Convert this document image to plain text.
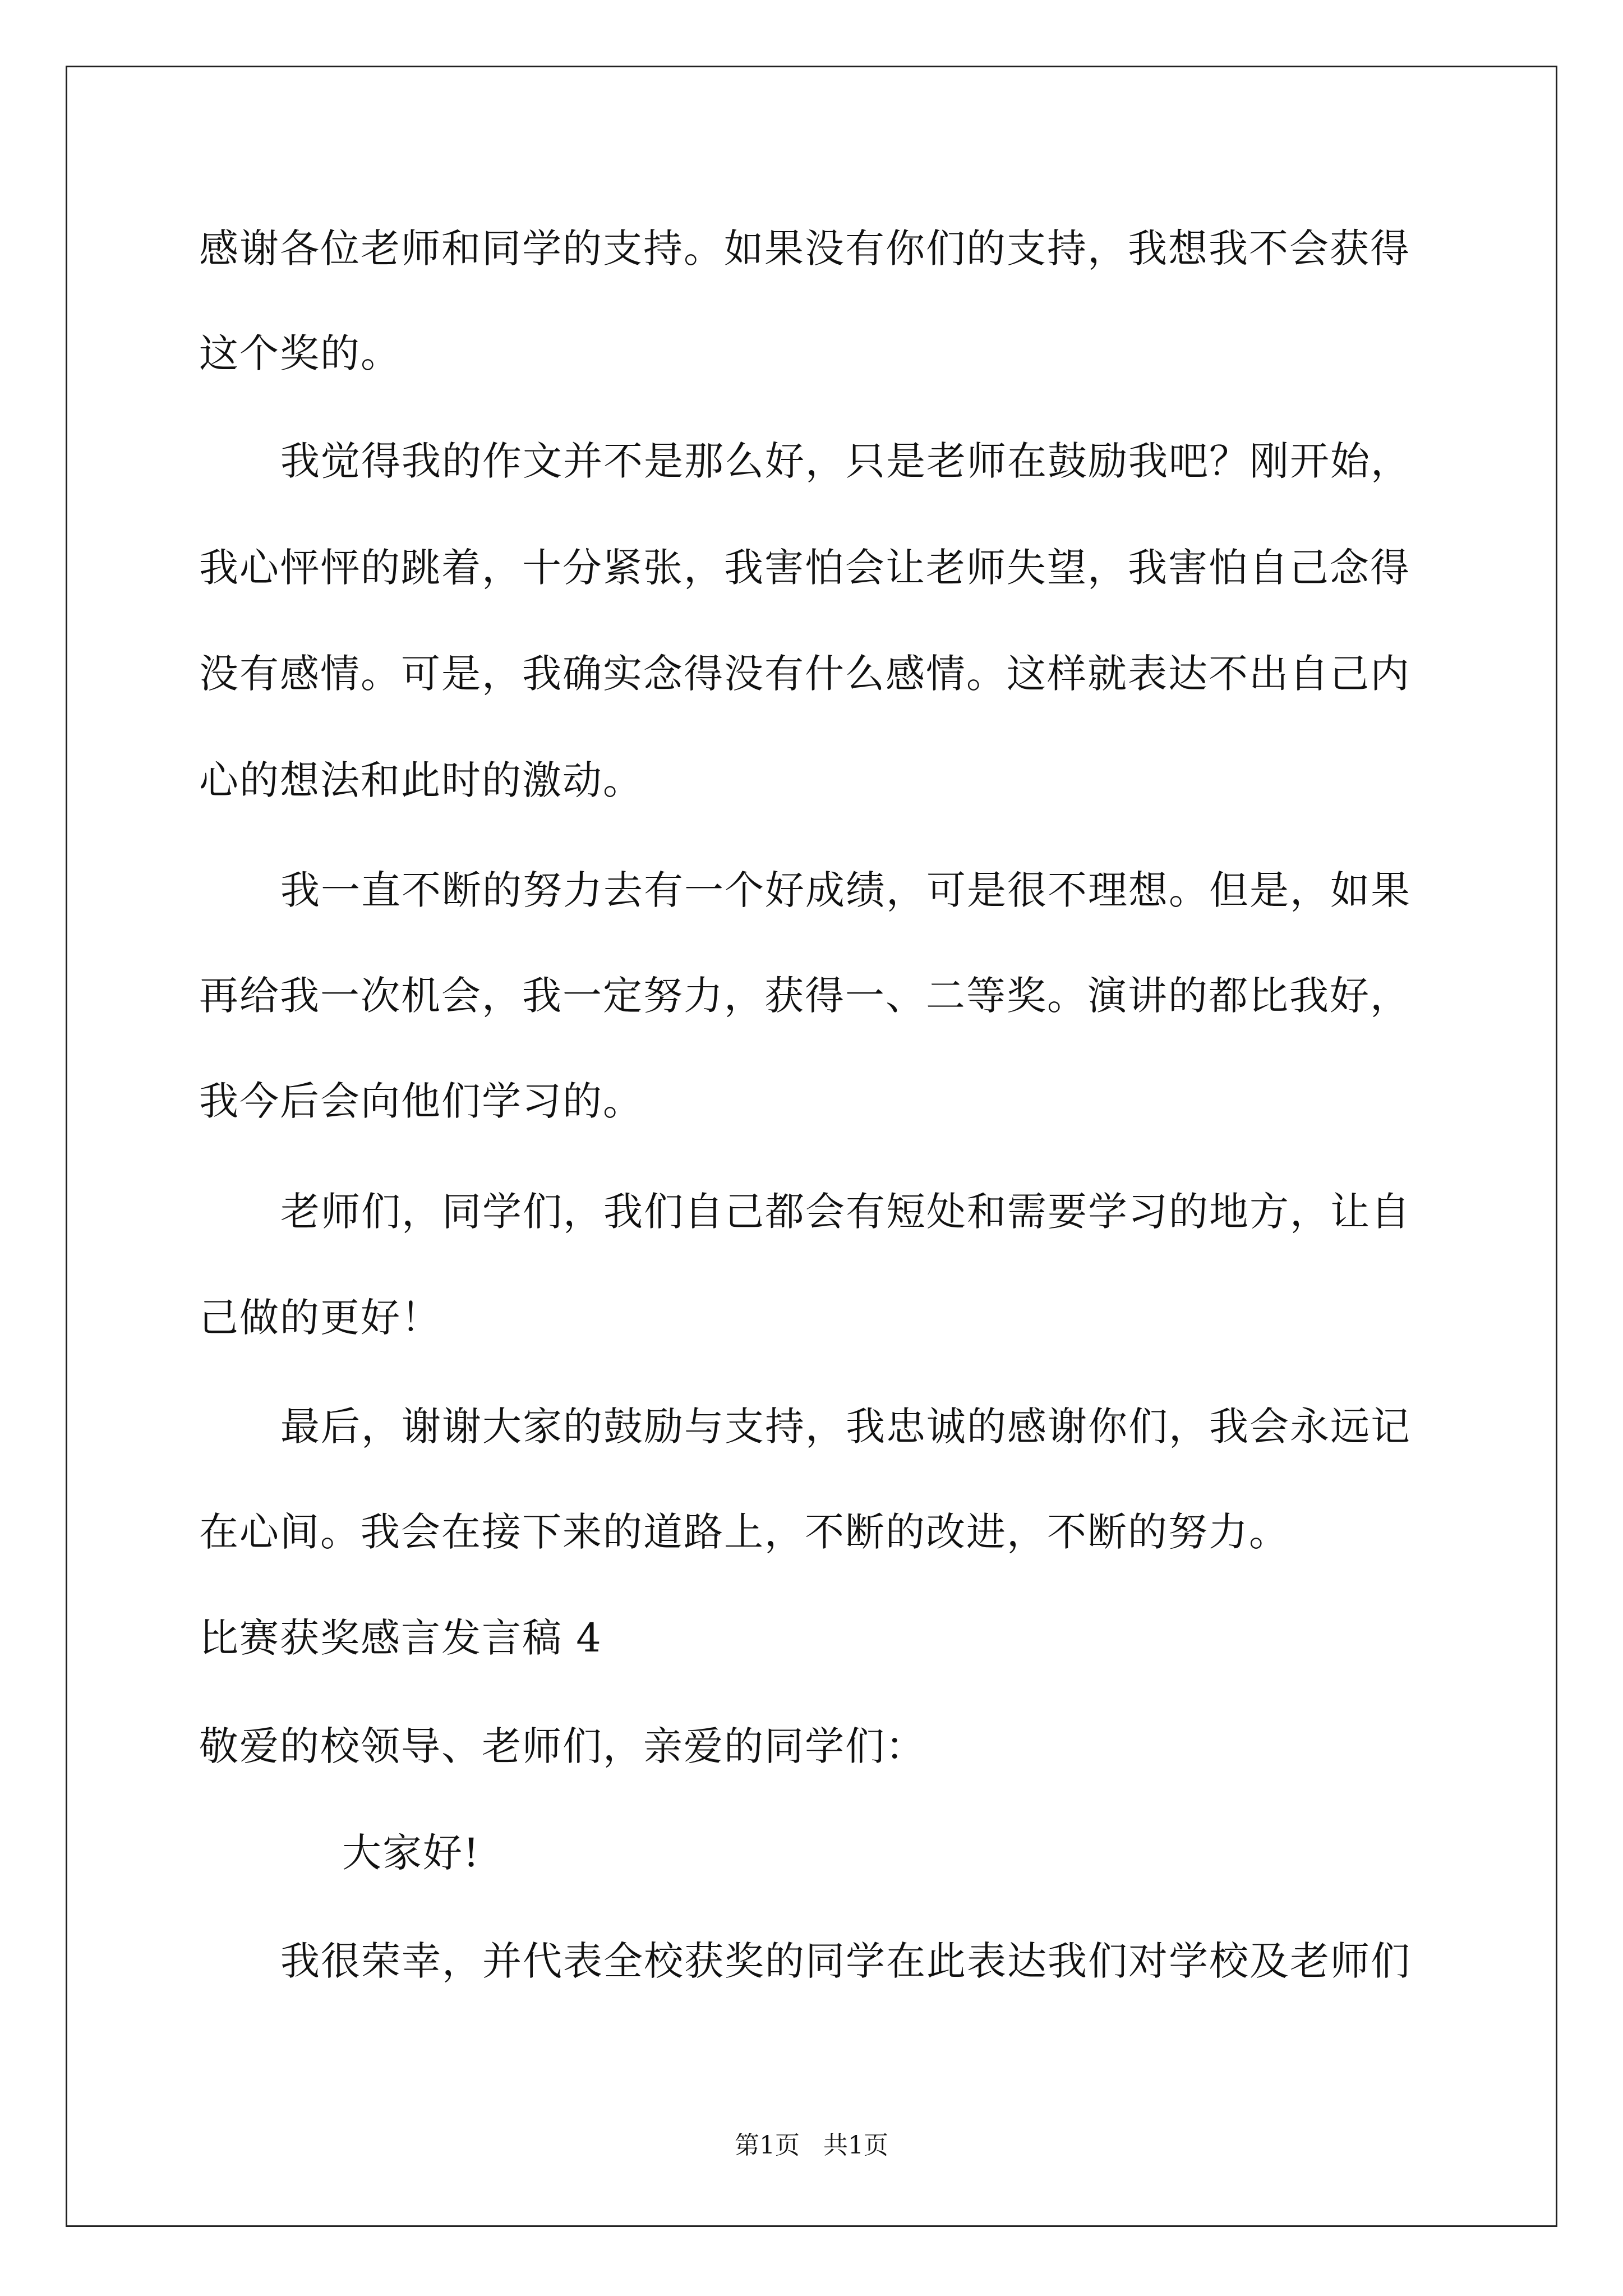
感谢各位老师和同学的支持。如果没有你们的支持，我想我不会获得
这个奖的。
我觉得我的作文并不是那么好，只是老师在鼓励我吧？刚开始，
我心怦怦的跳着，十分紧张，我害怕会让老师失望，我害怕自己念得
没有感情。可是，我确实念得没有什么感情。这样就表达不出自己内
心的想法和此时的激动。
我一直不断的努力去有一个好成绩，可是很不理想。但是，如果
再给我一次机会，我一定努力，获得一、二等奖。演讲的都比我好，
我今后会向他们学习的。
老师们，同学们，我们自己都会有短处和需要学习的地方，让自
己做的更好！
最后，谢谢大家的鼓励与支持，我忠诚的感谢你们，我会永远记
在心间。我会在接下来的道路上，不断的改进，不断的努力。
比赛获奖感言发言稿 4
敬爱的校领导、老师们，亲爱的同学们：
大家好!
我很荣幸，并代表全校获奖的同学在此表达我们对学校及老师们
第1页   共1页
